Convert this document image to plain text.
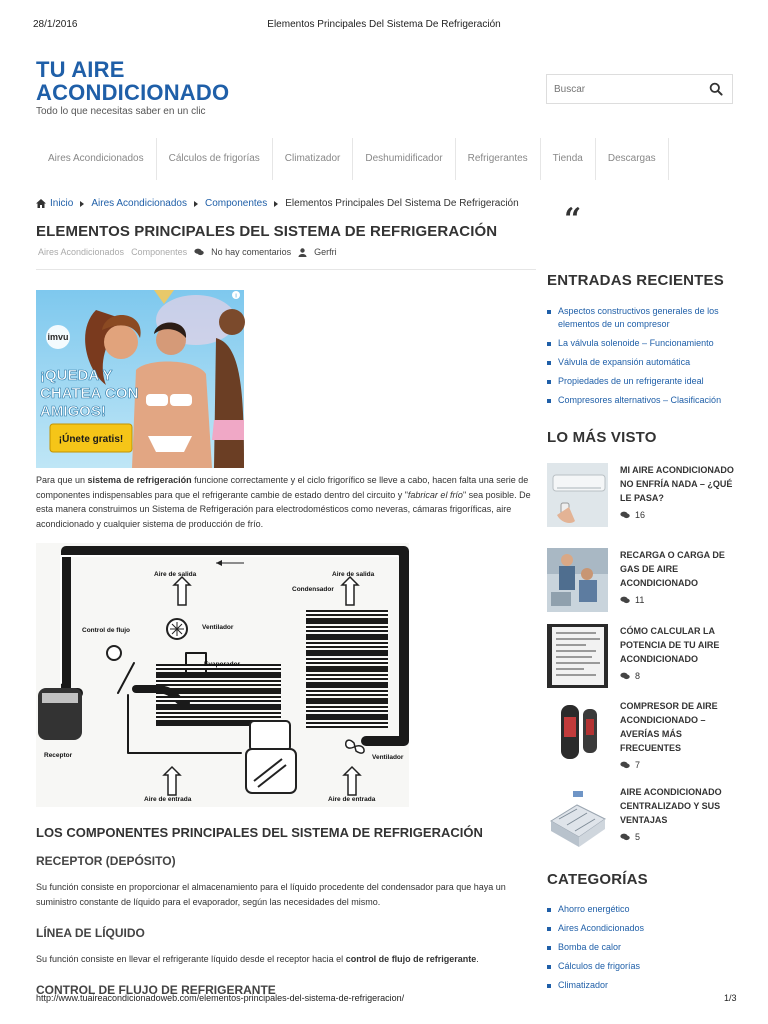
28/1/2016	Elementos Principales Del Sistema De Refrigeración
TU AIRE
ACONDICIONADO
Todo lo que necesitas saber en un clic
Buscar
Aires Acondicionados	Cálculos de frigorías	Climatizador	Deshumidificador	Refrigerantes	Tienda	Descargas
Inicio Aires Acondicionados Componentes Elementos Principales Del Sistema De Refrigeración
ELEMENTOS PRINCIPALES DEL SISTEMA DE REFRIGERACIÓN
Aires Acondicionados Componentes	No hay comentarios	Gerfri
imvu
¡QUEDA Y
CHATEA CON
AMIGOS!
¡Únete gratis!
i
Para que un sistema de refrigeración funcione correctamente y el ciclo frigorífico se lleve a cabo, hacen falta una serie de componentes indispensables para que el refrigerante cambie de estado dentro del circuito y "fabricar el frío" sea posible. De esta manera construimos un Sistema de Refrigeración para electrodomésticos como neveras, cámaras frigoríficas, aire acondicionado y cualquier sistema de producción de frío.
Aire de salida	Aire de salida
Condensador
Ventilador
Control de flujo
Evaporador
Receptor	Ventilador
Aire de entrada	Aire de entrada
LOS COMPONENTES PRINCIPALES DEL SISTEMA DE REFRIGERACIÓN
RECEPTOR (DEPÓSITO)
Su función consiste en proporcionar el almacenamiento para el líquido procedente del condensador para que haya un suministro constante de líquido para el evaporador, según las necesidades del mismo.
LÍNEA DE LÍQUIDO
Su función consiste en llevar el refrigerante líquido desde el receptor hacia el control de flujo de refrigerante.
CONTROL DE FLUJO DE REFRIGERANTE
“
ENTRADAS RECIENTES
Aspectos constructivos generales de los elementos de un compresor
La válvula solenoide – Funcionamiento
Válvula de expansión automática
Propiedades de un refrigerante ideal
Compresores alternativos – Clasificación
LO MÁS VISTO
MI AIRE ACONDICIONADO NO ENFRÍA NADA – ¿QUÉ LE PASA?
16
RECARGA O CARGA DE GAS DE AIRE ACONDICIONADO
11
CÓMO CALCULAR LA POTENCIA DE TU AIRE ACONDICIONADO
8
COMPRESOR DE AIRE ACONDICIONADO – AVERÍAS MÁS FRECUENTES
7
AIRE ACONDICIONADO CENTRALIZADO Y SUS VENTAJAS
5
CATEGORÍAS
Ahorro energético
Aires Acondicionados
Bomba de calor
Cálculos de frigorías
Climatizador
http://www.tuaireacondicionadoweb.com/elementos-principales-del-sistema-de-refrigeracion/	1/3
